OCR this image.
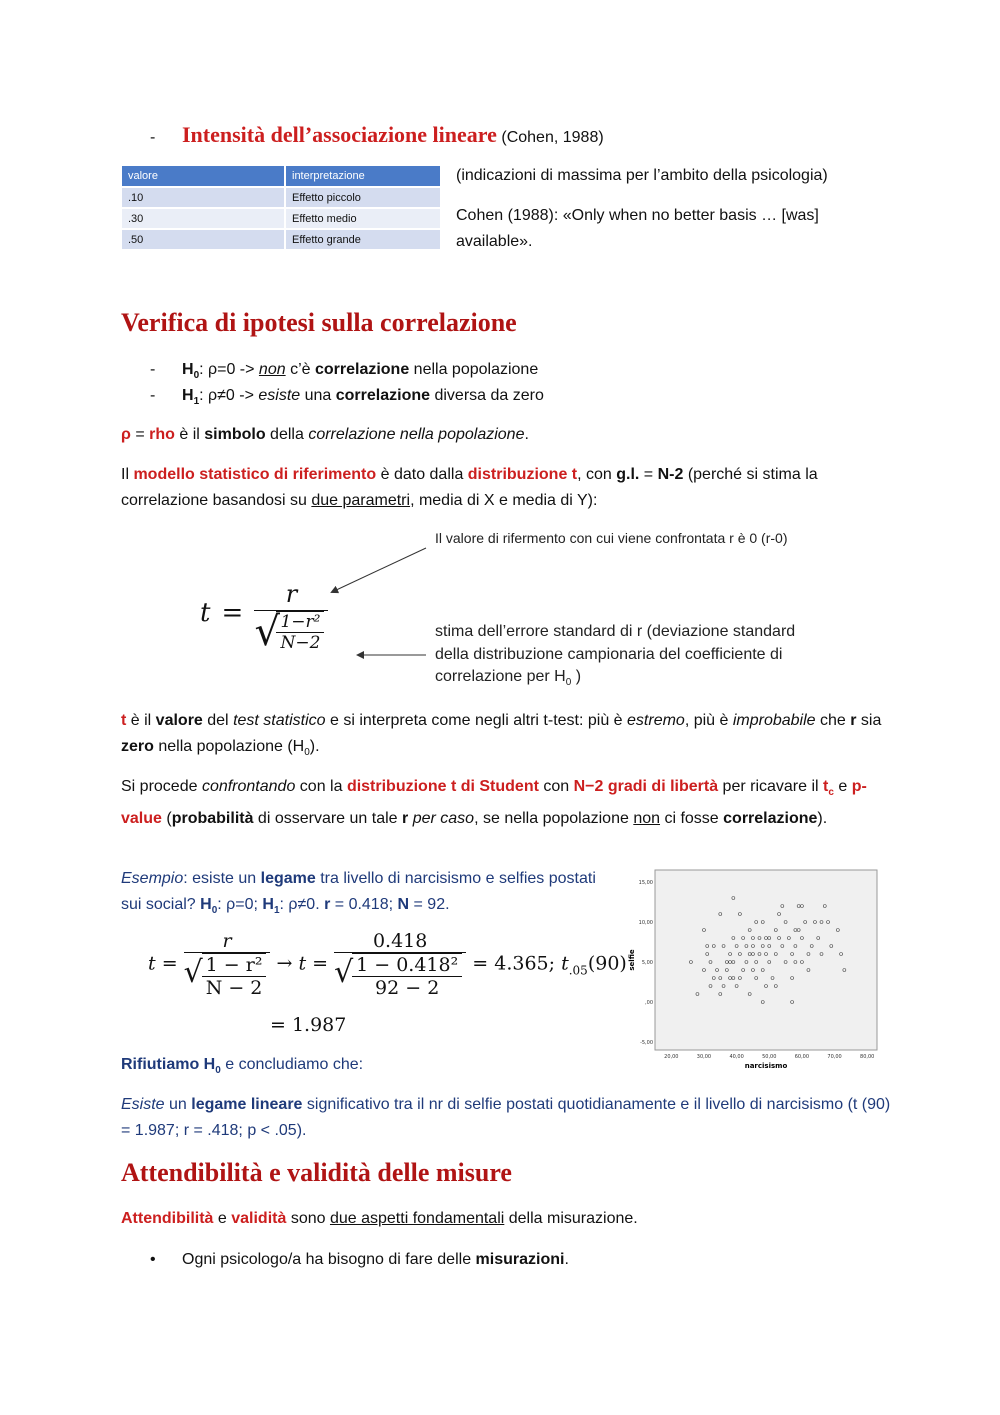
- Intensità dell’associazione lineare (Cohen, 1988)
valore	interpretazione
.10	Effetto piccolo
.30	Effetto medio
.50	Effetto grande
(indicazioni di massima per l’ambito della psicologia)
Cohen (1988): «Only when no better basis … [was] available».
Verifica di ipotesi sulla correlazione
- $H_0$: ρ=0 -> non c’è correlazione nella popolazione
- $H_1$: ρ≠0 -> esiste una correlazione diversa da zero
ρ = rho è il simbolo della correlazione nella popolazione.
Il modello statistico di riferimento è dato dalla distribuzione t, con g.l. = N-2 (perché si stima la correlazione basandosi su due parametri, media di X e media di Y):
t = r
√
$\frac{\text{1−r²}}{N-2}$
Il valore di rifermento con cui viene confrontata r è 0 (r-0)
stima dell’errore standard di r (deviazione standard della distribuzione campionaria del coefficiente di correlazione per $H_0$ )
t è il valore del test statistico e si interpreta come negli altri t-test: più è estremo, più è improbabile che r sia zero nella popolazione $(H_0)$.
Si procede confrontando con la distribuzione t di Student con N−2 gradi di libertà per ricavare il $t_c$ e p-value (probabilità di osservare un tale r per caso, se nella popolazione non ci fosse correlazione).
Esempio: esiste un legame tra livello di narcisismo e selfies postati sui social? $H_0$: ρ=0; $H_1$: ρ≠0. r = 0.418; N = 92.
t = r
√
$\frac{\text{1 − r²}}{N - 2} \to t = 0.418$
√
$\frac{\text{1 − 0.418²}}{92 - 2} = 4.365$; $t_{.05}(90)$
= 1.987
Rifiutiamo $H_0$ e concludiamo che:
Esiste un legame lineare significativo tra il nr di selfie postati quotidianamente e il livello di narcisismo (t (90) = 1.987; r = .418; p < .05).
20,00	30,00	40,00	50,00	60,00	70,00	80,00
15,00
10,00
5,00
,00
-5,00
narcisismo
selfie
Attendibilità e validità delle misure
Attendibilità e validità sono due aspetti fondamentali della misurazione.
• Ogni psicologo/a ha bisogno di fare delle misurazioni.
